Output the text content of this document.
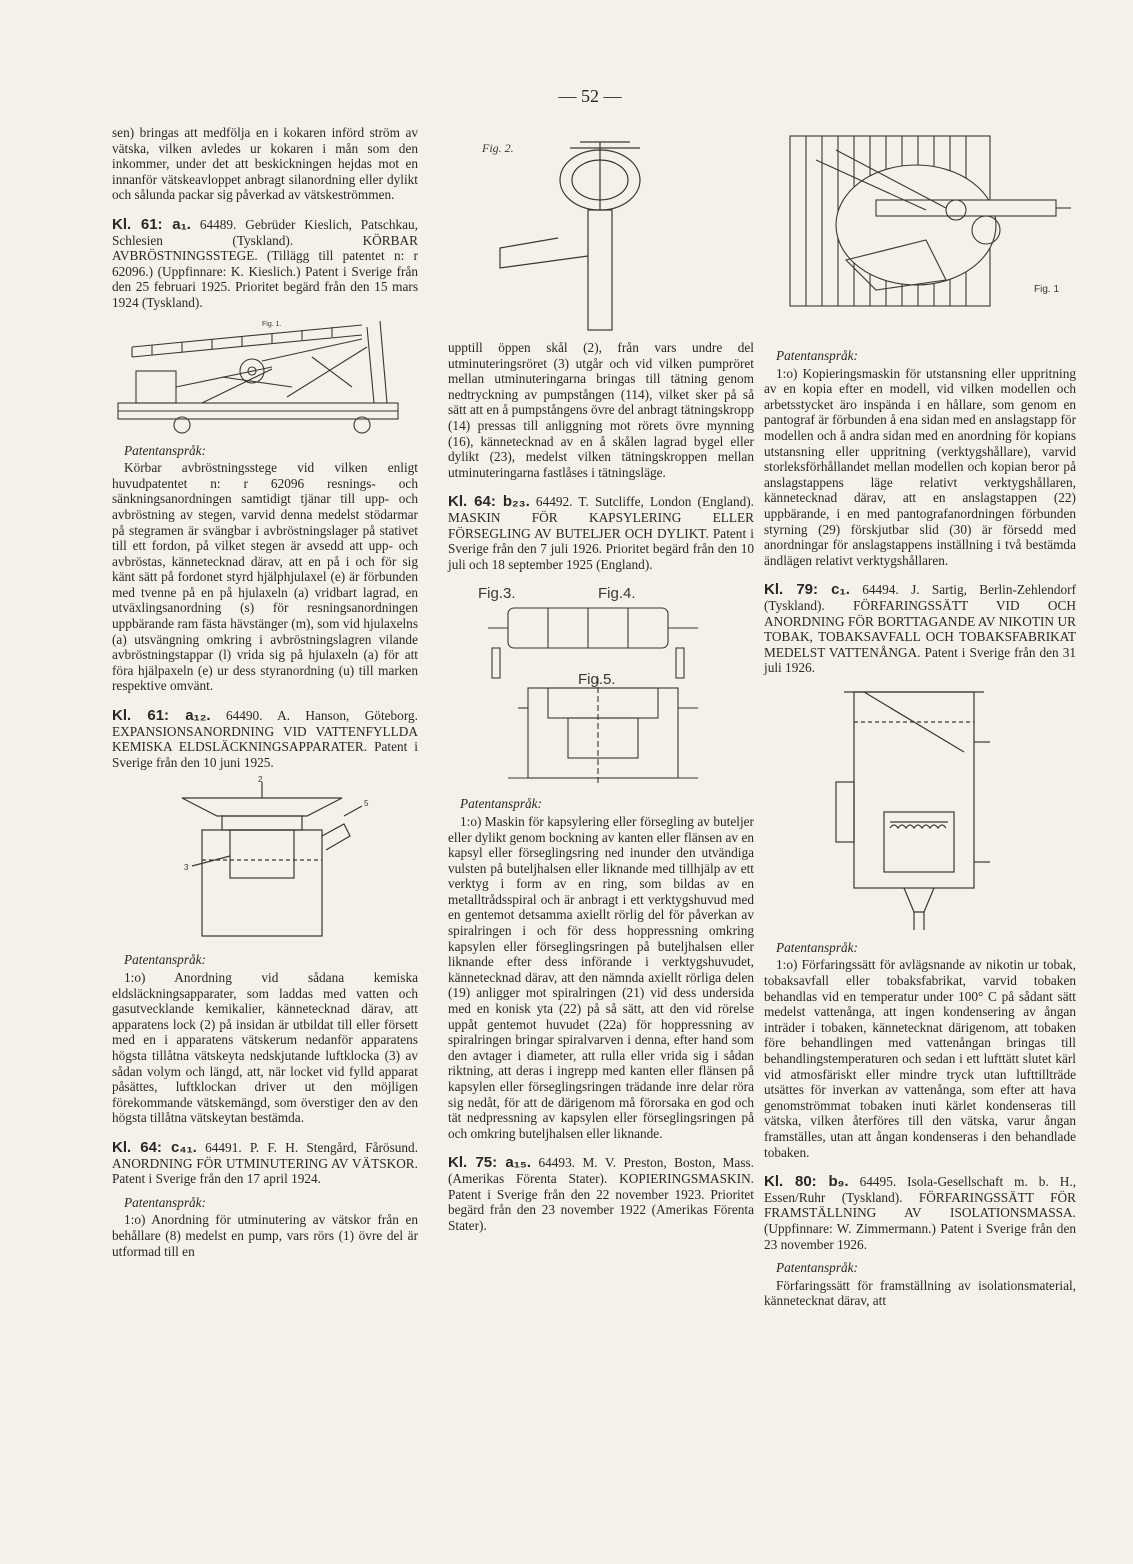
— 52 —

sen) bringas att medfölja en i kokaren införd ström av vätska, vilken avledes ur kokaren i mån som den inkommer, under det att beskickningen hejdas mot en innanför vätskeavloppet anbragt silanordning eller dylikt och sålunda packar sig påverkad av vätskeströmmen.

Kl. 61: a₁. 64489. Gebrüder Kieslich, Patschkau, Schlesien (Tyskland). KÖRBAR AVBRÖSTNINGSSTEGE. (Tillägg till patentet n: r 62096.) (Uppfinnare: K. Kieslich.) Patent i Sverige från den 25 februari 1925. Prioritet begärd från den 15 mars 1924 (Tyskland).

Fig. 1.

Patentanspråk:

Körbar avbröstningsstege vid vilken enligt huvudpatentet n: r 62096 resnings- och sänkningsanordningen samtidigt tjänar till upp- och avbröstning av stegen, varvid denna medelst stödarmar på stegramen är svängbar i avbröstningslager på stativet till ett fordon, på vilket stegen är avsedd att upp- och avbröstas, kännetecknad därav, att en på i och för sig känt sätt på fordonet styrd hjälphjulaxel (e) är förbunden med tvenne på en på hjulaxeln (a) vridbart lagrad, en utväxlingsanordning (s) för resningsanordningen uppbärande ram fästa hävstänger (m), som vid hjulaxelns (a) utsvängning omkring i avbröstningslagren vilande avbröstningstappar (l) vrida sig på hjulaxeln (a) för att föra hjälpaxeln (e) ur dess styranordning (u) till marken respektive omvänt.

Kl. 61: a₁₂. 64490. A. Hanson, Göteborg. EXPANSIONSANORDNING VID VATTENFYLLDA KEMISKA ELDSLÄCKNINGSAPPARATER. Patent i Sverige från den 10 juni 1925.

2
3
5

Patentanspråk:

1:o) Anordning vid sådana kemiska eldsläckningsapparater, som laddas med vatten och gasutvecklande kemikalier, kännetecknad därav, att apparatens lock (2) på insidan är utbildat till eller försett med en i apparatens vätskerum nedanför apparatens högsta tillåtna vätskeyta nedskjutande luftklocka (3) av sådan volym och längd, att, när locket vid fylld apparat påsättes, luftklockan driver ut den möjligen förekommande vätskemängd, som överstiger den av den högsta tillåtna vätskeytan bestämda.

Kl. 64: c₄₁. 64491. P. F. H. Stengård, Fårösund. ANORDNING FÖR UTMINUTERING AV VÄTSKOR. Patent i Sverige från den 17 april 1924.

Patentanspråk:

1:o) Anordning för utminutering av vätskor från en behållare (8) medelst en pump, vars rörs (1) övre del är utformad till en

Fig. 2.

upptill öppen skål (2), från vars undre del utminuteringsröret (3) utgår och vid vilken pumpröret mellan utminuteringarna bringas till tätning genom nedtryckning av pumpstången (114), vilket sker på så sätt att en å pumpstångens övre del anbragt tätningskropp (14) pressas till anliggning mot rörets övre mynning (16), kännetecknad av en å skålen lagrad bygel eller dylikt (23), medelst vilken tätningskroppen mellan utminuteringarna fastlåses i tätningsläge.

Kl. 64: b₂₃. 64492. T. Sutcliffe, London (England). MASKIN FÖR KAPSYLERING ELLER FÖRSEGLING AV BUTELJER OCH DYLIKT. Patent i Sverige från den 7 juli 1926. Prioritet begärd från den 10 juli och 18 september 1925 (England).

Fig.3.	Fig.4.
Fig.5.

Patentanspråk:

1:o) Maskin för kapsylering eller försegling av buteljer eller dylikt genom bockning av kanten eller flänsen av en kapsyl eller förseglingsring ned inunder den utvändiga vulsten på buteljhalsen eller liknande med tillhjälp av ett verktyg i form av en ring, som bildas av en metalltrådsspiral och är anbragt i ett verktygshuvud med en gentemot detsamma axiellt rörlig del för påverkan av spiralringen i och för dess hoppressning omkring kapsylen eller förseglingsringen på buteljhalsen eller liknande efter dess införande i verktygshuvudet, kännetecknad därav, att den nämnda axiellt rörliga delen (19) anligger mot spiralringen (21) vid dess undersida med en konisk yta (22) på så sätt, att den vid rörelse uppåt gentemot huvudet (22a) för hoppressning av spiralringen bringar spiralvarven i denna, efter hand som den avtager i diameter, att rulla eller vrida sig i sådan riktning, att deras i ingrepp med kanten eller flänsen på kapsylen eller förseglingsringen trädande inre delar röra sig nedåt, för att de därigenom må förorsaka en god och tät nedpressning av kapsylen eller förseglingsringen på och omkring buteljhalsen eller liknande.

Kl. 75: a₁₅. 64493. M. V. Preston, Boston, Mass. (Amerikas Förenta Stater). KOPIERINGSMASKIN. Patent i Sverige från den 22 november 1923. Prioritet begärd från den 23 november 1922 (Amerikas Förenta Stater).

Fig. 1

Patentanspråk:

1:o) Kopieringsmaskin för utstansning eller uppritning av en kopia efter en modell, vid vilken modellen och arbetsstycket äro inspända i en hållare, som genom en pantograf är förbunden å ena sidan med en anslagstapp för modellen och å andra sidan med en anordning för kopians utstansning eller uppritning (verktygshållare), varvid storleksförhållandet mellan modellen och kopian beror på anslagstappens läge relativt verktygshållaren, kännetecknad därav, att en anslagstappen (22) uppbärande, i en med pantografanordningen förbunden styrning (29) förskjutbar slid (30) är försedd med anordningar för anslagstappens inställning i två bestämda ändlägen relativt verktygshållaren.

Kl. 79: c₁. 64494. J. Sartig, Berlin-Zehlendorf (Tyskland). FÖRFARINGSSÄTT VID OCH ANORDNING FÖR BORTTAGANDE AV NIKOTIN UR TOBAK, TOBAKSAVFALL OCH TOBAKSFABRIKAT MEDELST VATTENÅNGA. Patent i Sverige från den 31 juli 1926.

Patentanspråk:

1:o) Förfaringssätt för avlägsnande av nikotin ur tobak, tobaksavfall eller tobaksfabrikat, varvid tobaken behandlas vid en temperatur under 100° C på sådant sätt medelst vattenånga, att ingen kondensering av ångan inträder i tobaken, kännetecknat därigenom, att tobaken före behandlingen med vattenångan bringas till behandlingstemperaturen och sedan i ett lufttätt slutet kärl vid atmosfäriskt eller mindre tryck utan lufttillträde utsättes för inverkan av vattenånga, som efter att hava genomströmmat tobaken inuti kärlet kondenseras till vätska, vilken återföres till den vätska, varur ångan framställes, utan att ångan kondenseras i den behandlade tobaken.

Kl. 80: b₉. 64495. Isola-Gesellschaft m. b. H., Essen/Ruhr (Tyskland). FÖRFARINGSSÄTT FÖR FRAMSTÄLLNING AV ISOLATIONSMASSA. (Uppfinnare: W. Zimmermann.) Patent i Sverige från den 23 november 1926.

Patentanspråk:

Förfaringssätt för framställning av isolationsmaterial, kännetecknat därav, att
